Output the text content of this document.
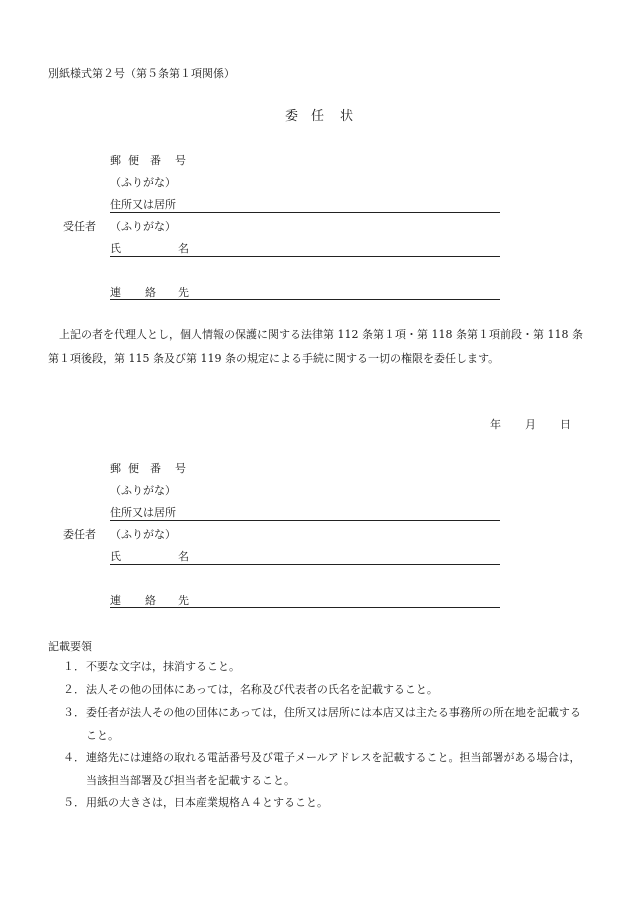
別紙様式第２号（第５条第１項関係）
委 任 状
郵 便 番 号
（ふりがな）
住所又は居所
受任者 （ふりがな）
氏	名
連 絡 先
上記の者を代理人とし，個人情報の保護に関する法律第 112 条第１項・第 118 条第１項前段・第 118 条第１項後段，第 115 条及び第 119 条の規定による手続に関する一切の権限を委任します。
年 月 日
郵 便 番 号
（ふりがな）
住所又は居所
委任者 （ふりがな）
氏	名
連 絡 先
記載要領
１． 不要な文字は，抹消すること。
２． 法人その他の団体にあっては，名称及び代表者の氏名を記載すること。
３． 委任者が法人その他の団体にあっては，住所又は居所には本店又は主たる事務所の所在地を記載すること。
４． 連絡先には連絡の取れる電話番号及び電子メールアドレスを記載すること。担当部署がある場合は，当該担当部署及び担当者を記載すること。
５． 用紙の大きさは，日本産業規格Ａ４とすること。
